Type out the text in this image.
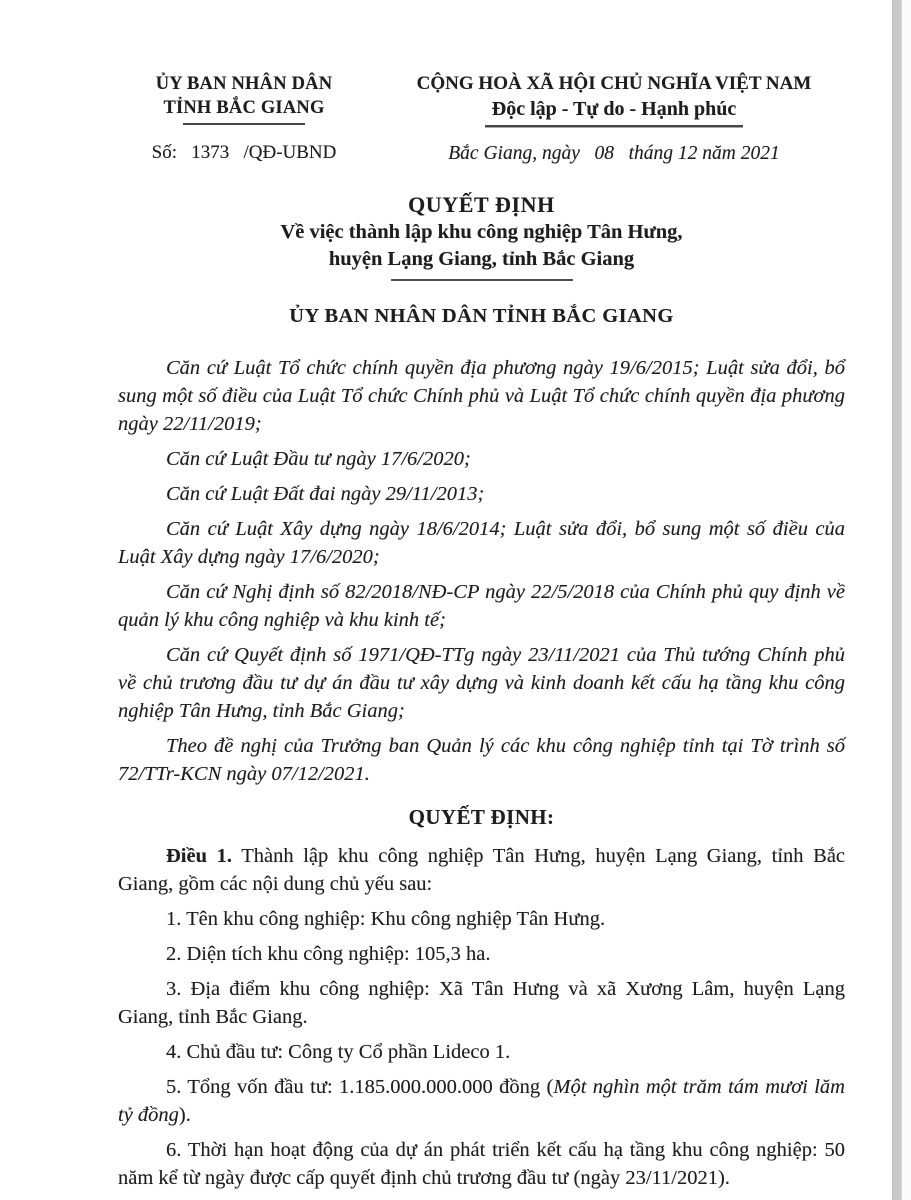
ỦY BAN NHÂN DÂN
TỈNH BẮC GIANG
Số:   1373   /QĐ-UBND
CỘNG HOÀ XÃ HỘI CHỦ NGHĨA VIỆT NAM
Độc lập - Tự do - Hạnh phúc
Bắc Giang, ngày   08   tháng 12 năm 2021
QUYẾT ĐỊNH
Về việc thành lập khu công nghiệp Tân Hưng,
huyện Lạng Giang, tỉnh Bắc Giang
ỦY BAN NHÂN DÂN TỈNH BẮC GIANG

Căn cứ Luật Tổ chức chính quyền địa phương ngày 19/6/2015; Luật sửa đổi, bổ sung một số điều của Luật Tổ chức Chính phủ và Luật Tổ chức chính quyền địa phương ngày 22/11/2019;

Căn cứ Luật Đầu tư ngày 17/6/2020;

Căn cứ Luật Đất đai ngày 29/11/2013;

Căn cứ Luật Xây dựng ngày 18/6/2014; Luật sửa đổi, bổ sung một số điều của Luật Xây dựng ngày 17/6/2020;

Căn cứ Nghị định số 82/2018/NĐ-CP ngày 22/5/2018 của Chính phủ quy định về quản lý khu công nghiệp và khu kinh tế;

Căn cứ Quyết định số 1971/QĐ-TTg ngày 23/11/2021 của Thủ tướng Chính phủ về chủ trương đầu tư dự án đầu tư xây dựng và kinh doanh kết cấu hạ tầng khu công nghiệp Tân Hưng, tỉnh Bắc Giang;

Theo đề nghị của Trưởng ban Quản lý các khu công nghiệp tỉnh tại Tờ trình số 72/TTr-KCN ngày 07/12/2021.

QUYẾT ĐỊNH:

Điều 1. Thành lập khu công nghiệp Tân Hưng, huyện Lạng Giang, tỉnh Bắc Giang, gồm các nội dung chủ yếu sau:

1. Tên khu công nghiệp: Khu công nghiệp Tân Hưng.

2. Diện tích khu công nghiệp: 105,3 ha.

3. Địa điểm khu công nghiệp: Xã Tân Hưng và xã Xương Lâm, huyện Lạng Giang, tỉnh Bắc Giang.

4. Chủ đầu tư: Công ty Cổ phần Lideco 1.

5. Tổng vốn đầu tư: 1.185.000.000.000 đồng (Một nghìn một trăm tám mươi lăm tỷ đồng).

6. Thời hạn hoạt động của dự án phát triển kết cấu hạ tầng khu công nghiệp: 50 năm kể từ ngày được cấp quyết định chủ trương đầu tư (ngày 23/11/2021).
